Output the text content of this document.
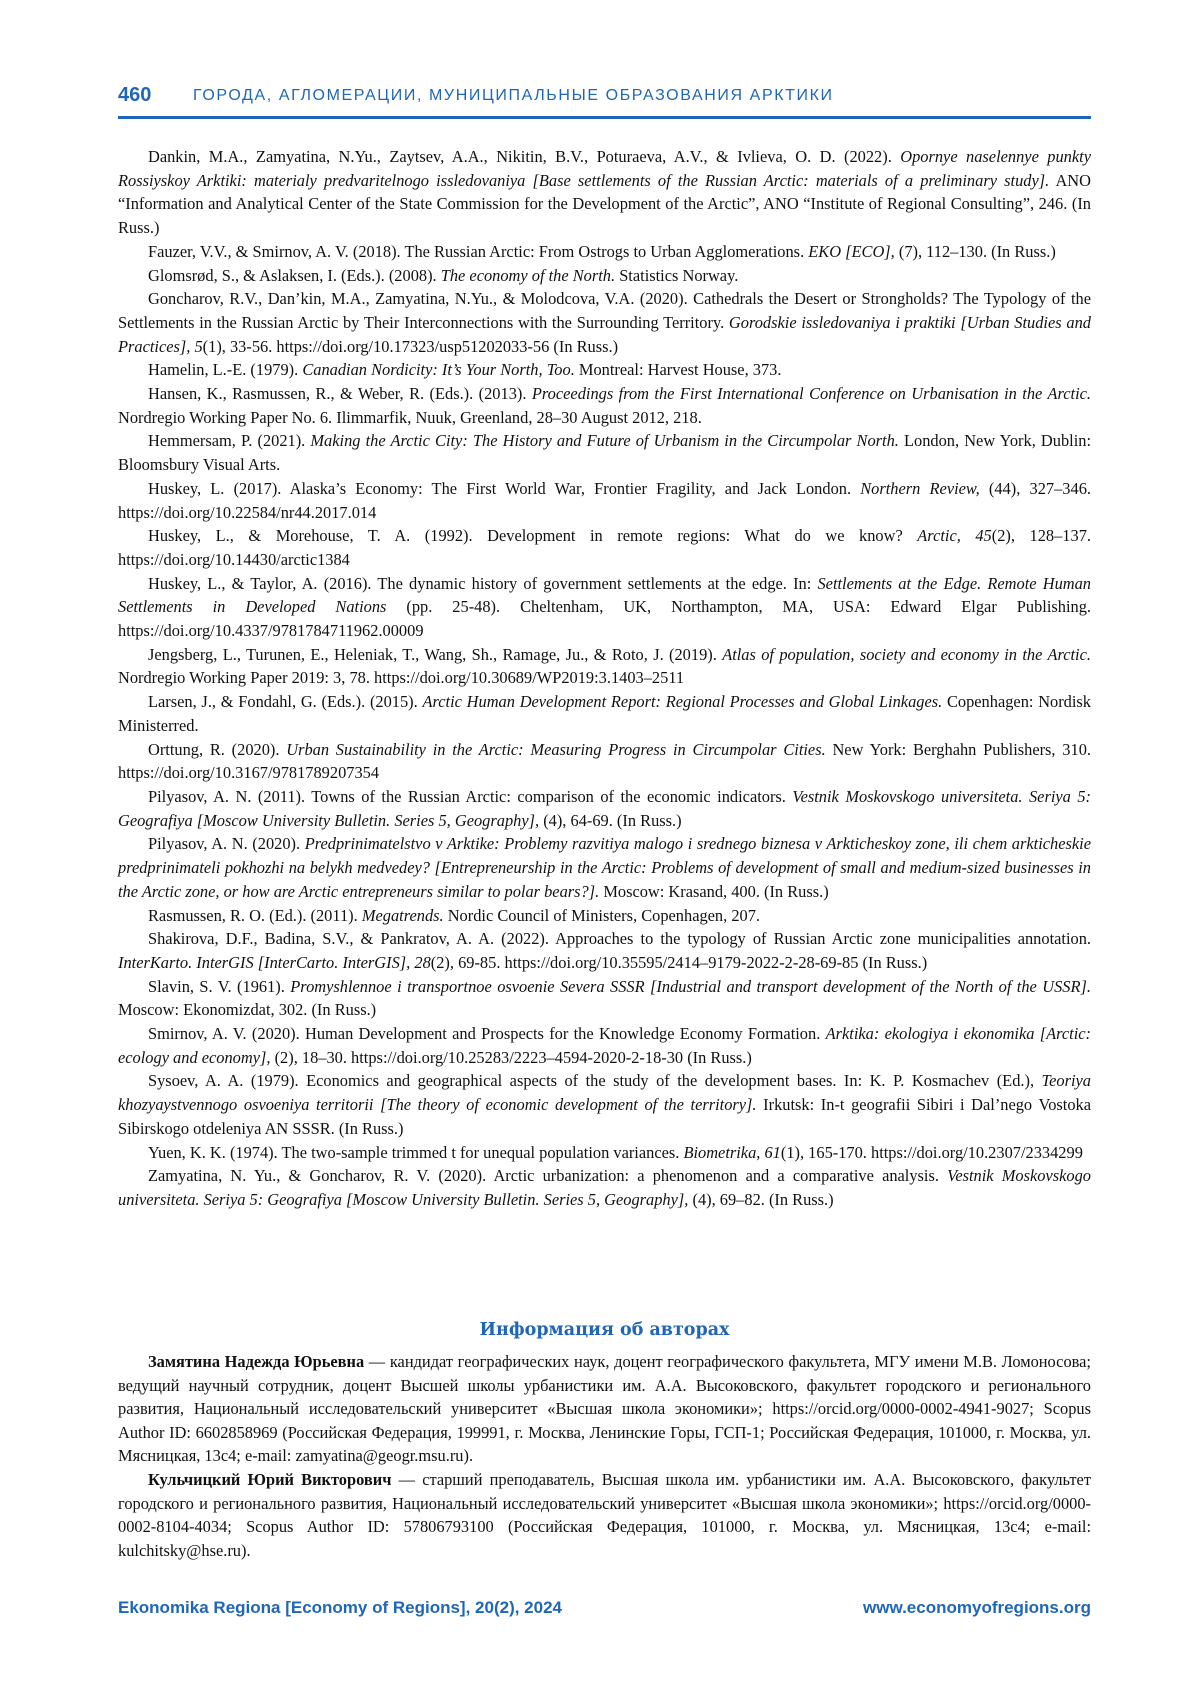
460	ГОРОДА, АГЛОМЕРАЦИИ, МУНИЦИПАЛЬНЫЕ ОБРАЗОВАНИЯ АРКТИКИ

Dankin, M.A., Zamyatina, N.Yu., Zaytsev, A.A., Nikitin, B.V., Poturaeva, A.V., & Ivlieva, O. D. (2022). Opornye naselennye punkty Rossiyskoy Arktiki: materialy predvaritelnogo issledovaniya [Base settlements of the Russian Arctic: materials of a preliminary study]. ANO “Information and Analytical Center of the State Commission for the Development of the Arctic”, ANO “Institute of Regional Consulting”, 246. (In Russ.)

Fauzer, V.V., & Smirnov, A. V. (2018). The Russian Arctic: From Ostrogs to Urban Agglomerations. EKO [ECO], (7), 112–130. (In Russ.)

Glomsrød, S., & Aslaksen, I. (Eds.). (2008). The economy of the North. Statistics Norway.

Goncharov, R.V., Dan’kin, M.A., Zamyatina, N.Yu., & Molodcova, V.A. (2020). Cathedrals the Desert or Strongholds? The Typology of the Settlements in the Russian Arctic by Their Interconnections with the Surrounding Territory. Gorodskie issledovaniya i praktiki [Urban Studies and Practices], 5(1), 33-56. https://doi.org/10.17323/usp51202033-56 (In Russ.)

Hamelin, L.-E. (1979). Canadian Nordicity: It’s Your North, Too. Montreal: Harvest House, 373.

Hansen, K., Rasmussen, R., & Weber, R. (Eds.). (2013). Proceedings from the First International Conference on Urbanisation in the Arctic. Nordregio Working Paper No. 6. Ilimmarfik, Nuuk, Greenland, 28–30 August 2012, 218.

Hemmersam, P. (2021). Making the Arctic City: The History and Future of Urbanism in the Circumpolar North. London, New York, Dublin: Bloomsbury Visual Arts.

Huskey, L. (2017). Alaska’s Economy: The First World War, Frontier Fragility, and Jack London. Northern Review, (44), 327–346. https://doi.org/10.22584/nr44.2017.014

Huskey, L., & Morehouse, T. A. (1992). Development in remote regions: What do we know? Arctic, 45(2), 128–137. https://doi.org/10.14430/arctic1384

Huskey, L., & Taylor, A. (2016). The dynamic history of government settlements at the edge. In: Settlements at the Edge. Remote Human Settlements in Developed Nations (pp. 25-48). Cheltenham, UK, Northampton, MA, USA: Edward Elgar Publishing. https://doi.org/10.4337/9781784711962.00009

Jengsberg, L., Turunen, E., Heleniak, T., Wang, Sh., Ramage, Ju., & Roto, J. (2019). Atlas of population, society and economy in the Arctic. Nordregio Working Paper 2019: 3, 78. https://doi.org/10.30689/WP2019:3.1403–2511

Larsen, J., & Fondahl, G. (Eds.). (2015). Arctic Human Development Report: Regional Processes and Global Linkages. Copenhagen: Nordisk Ministerred.

Orttung, R. (2020). Urban Sustainability in the Arctic: Measuring Progress in Circumpolar Cities. New York: Berghahn Publishers, 310. https://doi.org/10.3167/9781789207354

Pilyasov, A. N. (2011). Towns of the Russian Arctic: comparison of the economic indicators. Vestnik Moskovskogo universiteta. Seriya 5: Geografiya [Moscow University Bulletin. Series 5, Geography], (4), 64-69. (In Russ.)

Pilyasov, A. N. (2020). Predprinimatelstvo v Arktike: Problemy razvitiya malogo i srednego biznesa v Arkticheskoy zone, ili chem arkticheskie predprinimateli pokhozhi na belykh medvedey? [Entrepreneurship in the Arctic: Problems of development of small and medium-sized businesses in the Arctic zone, or how are Arctic entrepreneurs similar to polar bears?]. Moscow: Krasand, 400. (In Russ.)

Rasmussen, R. O. (Ed.). (2011). Megatrends. Nordic Council of Ministers, Copenhagen, 207.

Shakirova, D.F., Badina, S.V., & Pankratov, A. A. (2022). Approaches to the typology of Russian Arctic zone municipalities annotation. InterKarto. InterGIS [InterCarto. InterGIS], 28(2), 69-85. https://doi.org/10.35595/2414–9179-2022-2-28-69-85 (In Russ.)

Slavin, S. V. (1961). Promyshlennoe i transportnoe osvoenie Severa SSSR [Industrial and transport development of the North of the USSR]. Moscow: Ekonomizdat, 302. (In Russ.)

Smirnov, A. V. (2020). Human Development and Prospects for the Knowledge Economy Formation. Arktika: ekologiya i ekonomika [Arctic: ecology and economy], (2), 18–30. https://doi.org/10.25283/2223–4594-2020-2-18-30 (In Russ.)

Sysoev, A. A. (1979). Economics and geographical aspects of the study of the development bases. In: K. P. Kosmachev (Ed.), Teoriya khozyaystvennogo osvoeniya territorii [The theory of economic development of the territory]. Irkutsk: In-t geografii Sibiri i Dal’nego Vostoka Sibirskogo otdeleniya AN SSSR. (In Russ.)

Yuen, K. K. (1974). The two-sample trimmed t for unequal population variances. Biometrika, 61(1), 165-170. https://doi.org/10.2307/2334299

Zamyatina, N. Yu., & Goncharov, R. V. (2020). Arctic urbanization: a phenomenon and a comparative analysis. Vestnik Moskovskogo universiteta. Seriya 5: Geografiya [Moscow University Bulletin. Series 5, Geography], (4), 69–82. (In Russ.)

Информация об авторах

Замятина Надежда Юрьевна — кандидат географических наук, доцент географического факультета, МГУ имени М.В. Ломоносова; ведущий научный сотрудник, доцент Высшей школы урбанистики им. А.А. Высоковского, факультет городского и регионального развития, Национальный исследовательский университет «Высшая школа экономики»; https://orcid.org/0000-0002-4941-9027; Scopus Author ID: 6602858969 (Российская Федерация, 199991, г. Москва, Ленинские Горы, ГСП-1; Российская Федерация, 101000, г. Москва, ул. Мясницкая, 13с4; e-mail: zamyatina@geogr.msu.ru).

Кульчицкий Юрий Викторович — старший преподаватель, Высшая школа им. урбанистики им. А.А. Высоковского, факультет городского и регионального развития, Национальный исследовательский университет «Высшая школа экономики»; https://orcid.org/0000-0002-8104-4034; Scopus Author ID: 57806793100 (Российская Федерация, 101000, г. Москва, ул. Мясницкая, 13с4; e-mail: kulchitsky@hse.ru).

Ekonomika Regiona [Economy of Regions], 20(2), 2024	www.economyofregions.org
